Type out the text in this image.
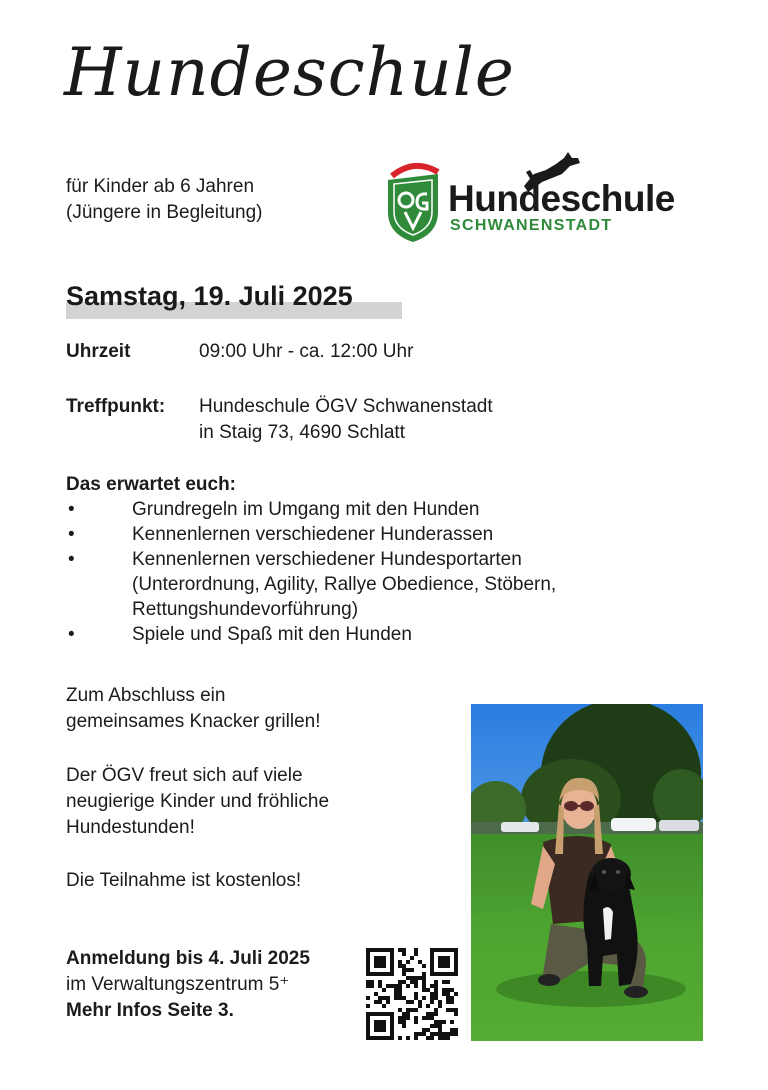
Hundeschule
für Kinder ab 6 Jahren
(Jüngere in Begleitung)	Hundeschule
SCHWANENSTADT
Samstag, 19. Juli 2025
Uhrzeit	09:00 Uhr - ca. 12:00 Uhr
Treffpunkt: Hundeschule ÖGV Schwanenstadt
in Staig 73, 4690 Schlatt
Das erwartet euch:
•	Grundregeln im Umgang mit den Hunden
•	Kennenlernen verschiedener Hunderassen
•	Kennenlernen verschiedener Hundesportarten
(Unterordnung, Agility, Rallye Obedience, Stöbern,
Rettungshundevorführung)
•	Spiele und Spaß mit den Hunden
Zum Abschluss ein
gemeinsames Knacker grillen!
Der ÖGV freut sich auf viele
neugierige Kinder und fröhliche
Hundestunden!
Die Teilnahme ist kostenlos!
Anmeldung bis 4. Juli 2025
im Verwaltungszentrum 5⁺
Mehr Infos Seite 3.
